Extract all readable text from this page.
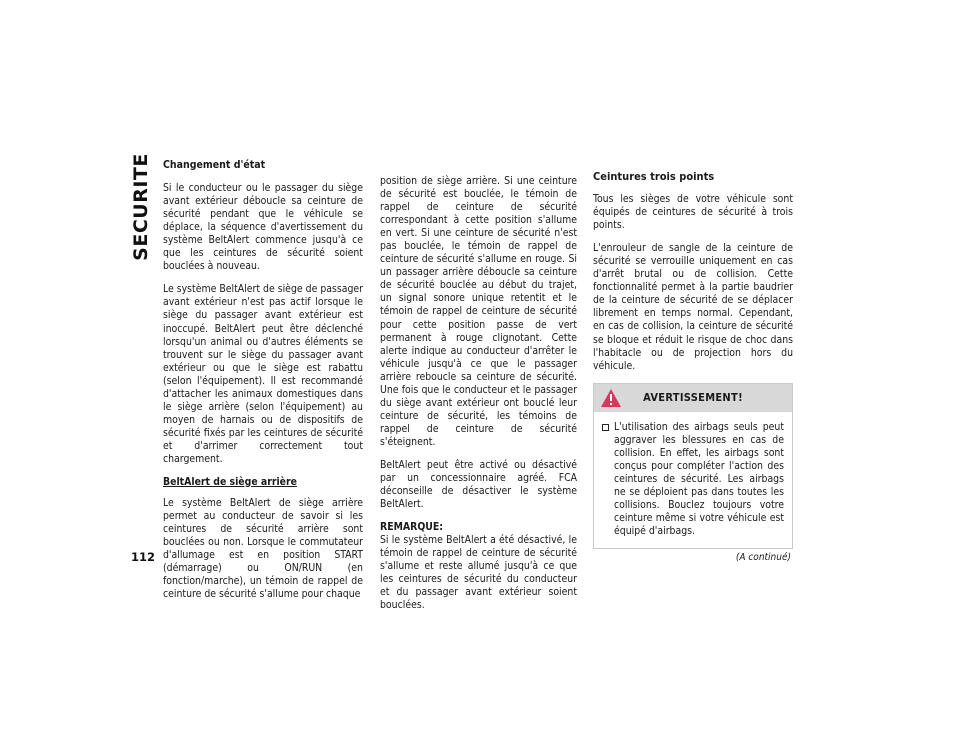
SECURITE
112

Changement d'état

Si le conducteur ou le passager du siège avant extérieur déboucle sa ceinture de sécurité pendant que le véhicule se déplace, la séquence d'avertissement du système BeltAlert commence jusqu'à ce que les ceintures de sécurité soient bouclées à nouveau.

Le système BeltAlert de siège de passager avant extérieur n'est pas actif lorsque le siège du passager avant extérieur est inoccupé. BeltAlert peut être déclenché lorsqu'un animal ou d'autres éléments se trouvent sur le siège du passager avant extérieur ou que le siège est rabattu (selon l'équipement). Il est recommandé d'attacher les animaux domestiques dans le siège arrière (selon l'équipement) au moyen de harnais ou de dispositifs de sécurité fixés par les ceintures de sécurité et d'arrimer correctement tout chargement.

BeltAlert de siège arrière

Le système BeltAlert de siège arrière permet au conducteur de savoir si les ceintures de sécurité arrière sont bouclées ou non. Lorsque le commutateur d'allumage est en position START (démarrage) ou ON/RUN (en fonction/marche), un témoin de rappel de ceinture de sécurité s'allume pour chaque

position de siège arrière. Si une ceinture de sécurité est bouclée, le témoin de rappel de ceinture de sécurité correspondant à cette position s'allume en vert. Si une ceinture de sécurité n'est pas bouclée, le témoin de rappel de ceinture de sécurité s'allume en rouge. Si un passager arrière déboucle sa ceinture de sécurité bouclée au début du trajet, un signal sonore unique retentit et le témoin de rappel de ceinture de sécurité pour cette position passe de vert permanent à rouge clignotant. Cette alerte indique au conducteur d'arrêter le véhicule jusqu'à ce que le passager arrière reboucle sa ceinture de sécurité. Une fois que le conducteur et le passager du siège avant extérieur ont bouclé leur ceinture de sécurité, les témoins de rappel de ceinture de sécurité s'éteignent.

BeltAlert peut être activé ou désactivé par un concessionnaire agréé. FCA déconseille de désactiver le système BeltAlert.

REMARQUE:
Si le système BeltAlert a été désactivé, le témoin de rappel de ceinture de sécurité s'allume et reste allumé jusqu'à ce que les ceintures de sécurité du conducteur et du passager avant extérieur soient bouclées.

Ceintures trois points

Tous les sièges de votre véhicule sont équipés de ceintures de sécurité à trois points.

L'enrouleur de sangle de la ceinture de sécurité se verrouille uniquement en cas d'arrêt brutal ou de collision. Cette fonctionnalité permet à la partie baudrier de la ceinture de sécurité de se déplacer librement en temps normal. Cependant, en cas de collision, la ceinture de sécurité se bloque et réduit le risque de choc dans l'habitacle ou de projection hors du véhicule.

AVERTISSEMENT!
L'utilisation des airbags seuls peut aggraver les blessures en cas de collision. En effet, les airbags sont conçus pour compléter l'action des ceintures de sécurité. Les airbags ne se déploient pas dans toutes les collisions. Bouclez toujours votre ceinture même si votre véhicule est équipé d'airbags.
(A continué)
